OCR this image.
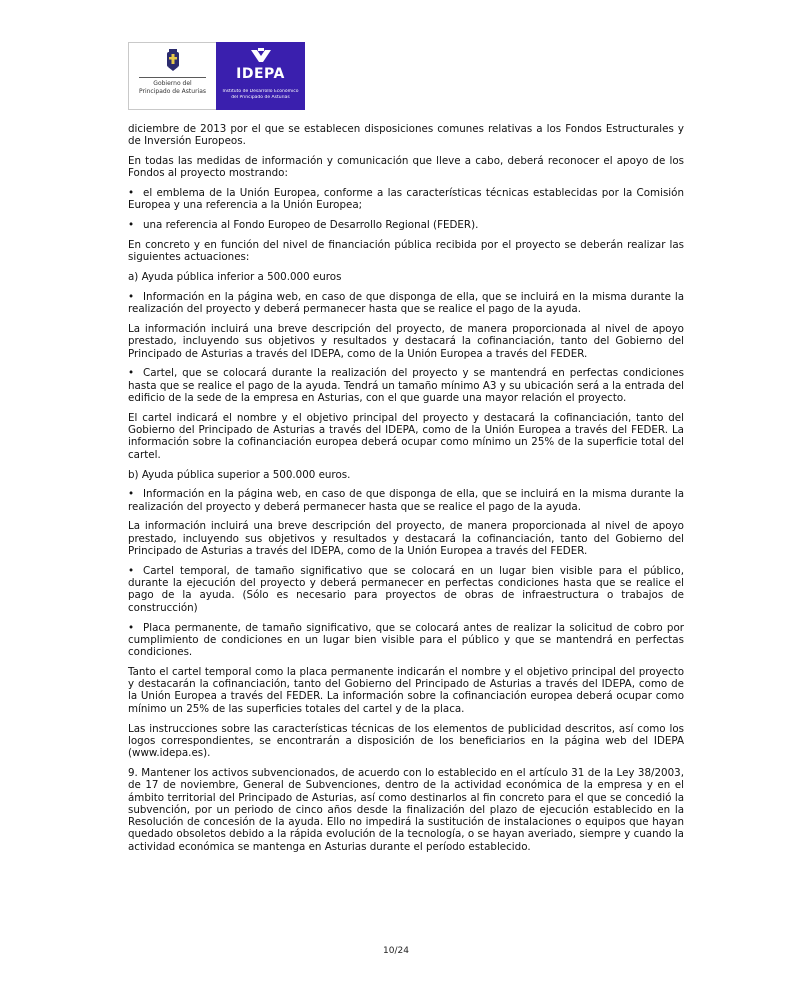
Gobierno del
Principado de Asturias
IDEPA
Instituto de Desarrollo Económico
del Principado de Asturias

diciembre de 2013 por el que se establecen disposiciones comunes relativas a los Fondos Estructurales y de Inversión Europeos.

En todas las medidas de información y comunicación que lleve a cabo, deberá reconocer el apoyo de los Fondos al proyecto mostrando:

• el emblema de la Unión Europea, conforme a las características técnicas establecidas por la Comisión Europea y una referencia a la Unión Europea;

• una referencia al Fondo Europeo de Desarrollo Regional (FEDER).

En concreto y en función del nivel de financiación pública recibida por el proyecto se deberán realizar las siguientes actuaciones:

a) Ayuda pública inferior a 500.000 euros

• Información en la página web, en caso de que disponga de ella, que se incluirá en la misma durante la realización del proyecto y deberá permanecer hasta que se realice el pago de la ayuda.

La información incluirá una breve descripción del proyecto, de manera proporcionada al nivel de apoyo prestado, incluyendo sus objetivos y resultados y destacará la cofinanciación, tanto del Gobierno del Principado de Asturias a través del IDEPA, como de la Unión Europea a través del FEDER.

• Cartel, que se colocará durante la realización del proyecto y se mantendrá en perfectas condiciones hasta que se realice el pago de la ayuda. Tendrá un tamaño mínimo A3 y su ubicación será a la entrada del edificio de la sede de la empresa en Asturias, con el que guarde una mayor relación el proyecto.

El cartel indicará el nombre y el objetivo principal del proyecto y destacará la cofinanciación, tanto del Gobierno del Principado de Asturias a través del IDEPA, como de la Unión Europea a través del FEDER. La información sobre la cofinanciación europea deberá ocupar como mínimo un 25% de la superficie total del cartel.

b) Ayuda pública superior a 500.000 euros.

• Información en la página web, en caso de que disponga de ella, que se incluirá en la misma durante la realización del proyecto y deberá permanecer hasta que se realice el pago de la ayuda.

La información incluirá una breve descripción del proyecto, de manera proporcionada al nivel de apoyo prestado, incluyendo sus objetivos y resultados y destacará la cofinanciación, tanto del Gobierno del Principado de Asturias a través del IDEPA, como de la Unión Europea a través del FEDER.

• Cartel temporal, de tamaño significativo que se colocará en un lugar bien visible para el público, durante la ejecución del proyecto y deberá permanecer en perfectas condiciones hasta que se realice el pago de la ayuda. (Sólo es necesario para proyectos de obras de infraestructura o trabajos de construcción)

• Placa permanente, de tamaño significativo, que se colocará antes de realizar la solicitud de cobro por cumplimiento de condiciones en un lugar bien visible para el público y que se mantendrá en perfectas condiciones.

Tanto el cartel temporal como la placa permanente indicarán el nombre y el objetivo principal del proyecto y destacarán la cofinanciación, tanto del Gobierno del Principado de Asturias a través del IDEPA, como de la Unión Europea a través del FEDER. La información sobre la cofinanciación europea deberá ocupar como mínimo un 25% de las superficies totales del cartel y de la placa.

Las instrucciones sobre las características técnicas de los elementos de publicidad descritos, así como los logos correspondientes, se encontrarán a disposición de los beneficiarios en la página web del IDEPA (www.idepa.es).

9. Mantener los activos subvencionados, de acuerdo con lo establecido en el artículo 31 de la Ley 38/2003, de 17 de noviembre, General de Subvenciones, dentro de la actividad económica de la empresa y en el ámbito territorial del Principado de Asturias, así como destinarlos al fin concreto para el que se concedió la subvención, por un periodo de cinco años desde la finalización del plazo de ejecución establecido en la Resolución de concesión de la ayuda. Ello no impedirá la sustitución de instalaciones o equipos que hayan quedado obsoletos debido a la rápida evolución de la tecnología, o se hayan averiado, siempre y cuando la actividad económica se mantenga en Asturias durante el período establecido.

10/24
